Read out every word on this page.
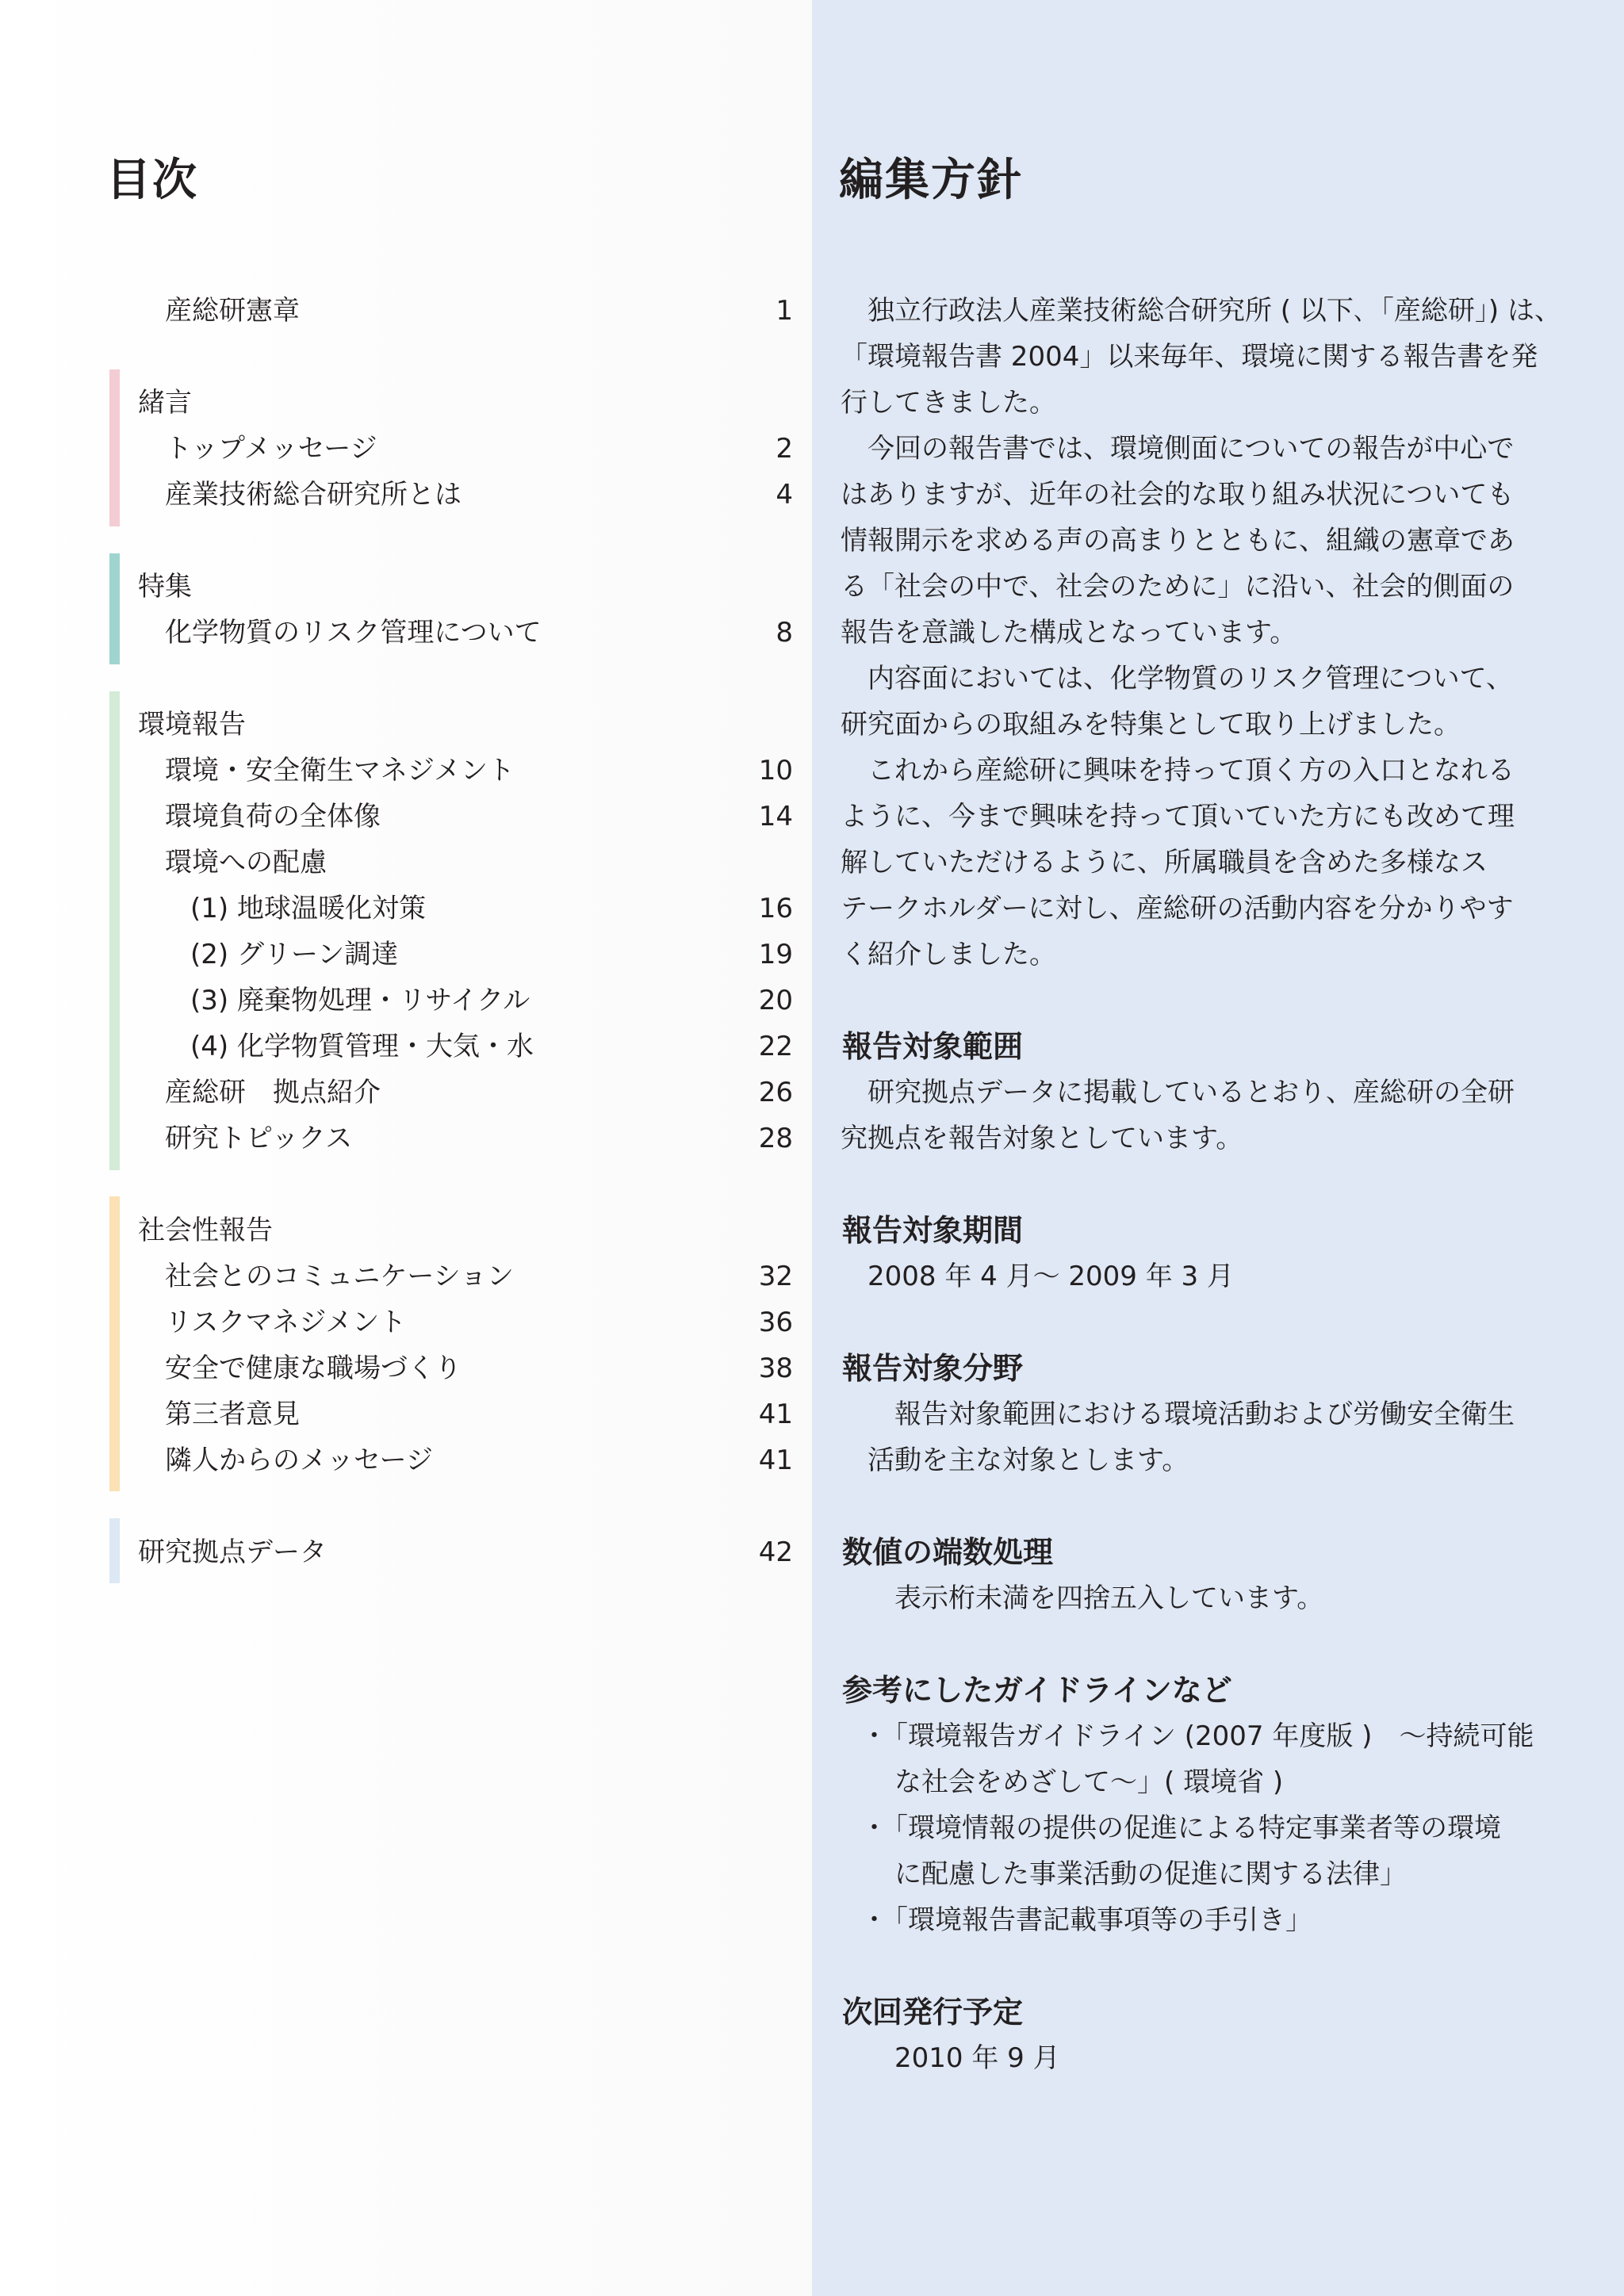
目次
産総研憲章	1
緒言
トップメッセージ	2
産業技術総合研究所とは	4
特集
化学物質のリスク管理について	8
環境報告
環境・安全衛生マネジメント	10
環境負荷の全体像	14
環境への配慮
(1) 地球温暖化対策	16
(2) グリーン調達	19
(3) 廃棄物処理・リサイクル	20
(4) 化学物質管理・大気・水	22
産総研　拠点紹介	26
研究トピックス	28
社会性報告
社会とのコミュニケーション	32
リスクマネジメント	36
安全で健康な職場づくり	38
第三者意見	41
隣人からのメッセージ	41
研究拠点データ	42
編集方針
　独立行政法人産業技術総合研究所 ( 以下､「産総研」) は、
「環境報告書 2004」以来毎年、環境に関する報告書を発
行してきました。
　今回の報告書では、環境側面についての報告が中心で
はありますが、近年の社会的な取り組み状況についても
情報開示を求める声の高まりとともに、組織の憲章であ
る「社会の中で、社会のために」に沿い、社会的側面の
報告を意識した構成となっています。
　内容面においては、化学物質のリスク管理について、
研究面からの取組みを特集として取り上げました。
　これから産総研に興味を持って頂く方の入口となれる
ように、今まで興味を持って頂いていた方にも改めて理
解していただけるように、所属職員を含めた多様なス
テークホルダーに対し、産総研の活動内容を分かりやす
く紹介しました。
報告対象範囲
　研究拠点データに掲載しているとおり、産総研の全研
究拠点を報告対象としています。
報告対象期間
　2008 年 4 月～ 2009 年 3 月
報告対象分野
　　報告対象範囲における環境活動および労働安全衛生
　活動を主な対象とします。
数値の端数処理
　　表示桁未満を四捨五入しています。
参考にしたガイドラインなど
　･「環境報告ガイドライン (2007 年度版 )　～持続可能
　　な社会をめざして～」( 環境省 )
　･「環境情報の提供の促進による特定事業者等の環境
　　に配慮した事業活動の促進に関する法律」
　･「環境報告書記載事項等の手引き」
次回発行予定
　　2010 年 9 月
